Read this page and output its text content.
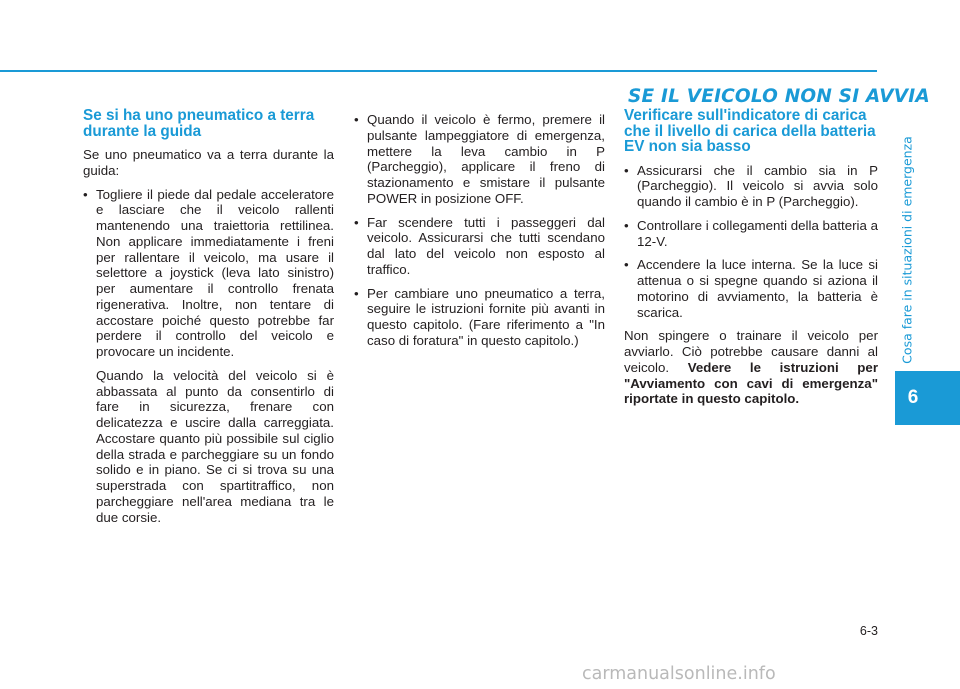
SE IL VEICOLO NON SI AVVIA
Cosa fare in situazioni di emergenza
6
Se si ha uno pneumatico a terra durante la guida

Se uno pneumatico va a terra durante la guida:

• Togliere il piede dal pedale acceleratore e lasciare che il veicolo rallenti mantenendo una traiettoria rettilinea. Non applicare immediatamente i freni per rallentare il veicolo, ma usare il selettore a joystick (leva lato sinistro) per aumentare il controllo frenata rigenerativa. Inoltre, non tentare di accostare poiché questo potrebbe far perdere il controllo del veicolo e provocare un incidente.

Quando la velocità del veicolo si è abbassata al punto da consentirlo di fare in sicurezza, frenare con delicatezza e uscire dalla carreggiata. Accostare quanto più possibile sul ciglio della strada e parcheggiare su un fondo solido e in piano. Se ci si trova su una superstrada con spartitraffico, non parcheggiare nell'area mediana tra le due corsie.

• Quando il veicolo è fermo, premere il pulsante lampeggiatore di emergenza, mettere la leva cambio in P (Parcheggio), applicare il freno di stazionamento e smistare il pulsante POWER in posizione OFF.
• Far scendere tutti i passeggeri dal veicolo. Assicurarsi che tutti scendano dal lato del veicolo non esposto al traffico.
• Per cambiare uno pneumatico a terra, seguire le istruzioni fornite più avanti in questo capitolo. (Fare riferimento a "In caso di foratura" in questo capitolo.)
Verificare sull'indicatore di carica che il livello di carica della batteria EV non sia basso
• Assicurarsi che il cambio sia in P (Parcheggio). Il veicolo si avvia solo quando il cambio è in P (Parcheggio).
• Controllare i collegamenti della batteria a 12-V.
• Accendere la luce interna. Se la luce si attenua o si spegne quando si aziona il motorino di avviamento, la batteria è scarica.

Non spingere o trainare il veicolo per avviarlo. Ciò potrebbe causare danni al veicolo. Vedere le istruzioni per "Avviamento con cavi di emergenza" riportate in questo capitolo.

6-3
carmanualsonline.info
